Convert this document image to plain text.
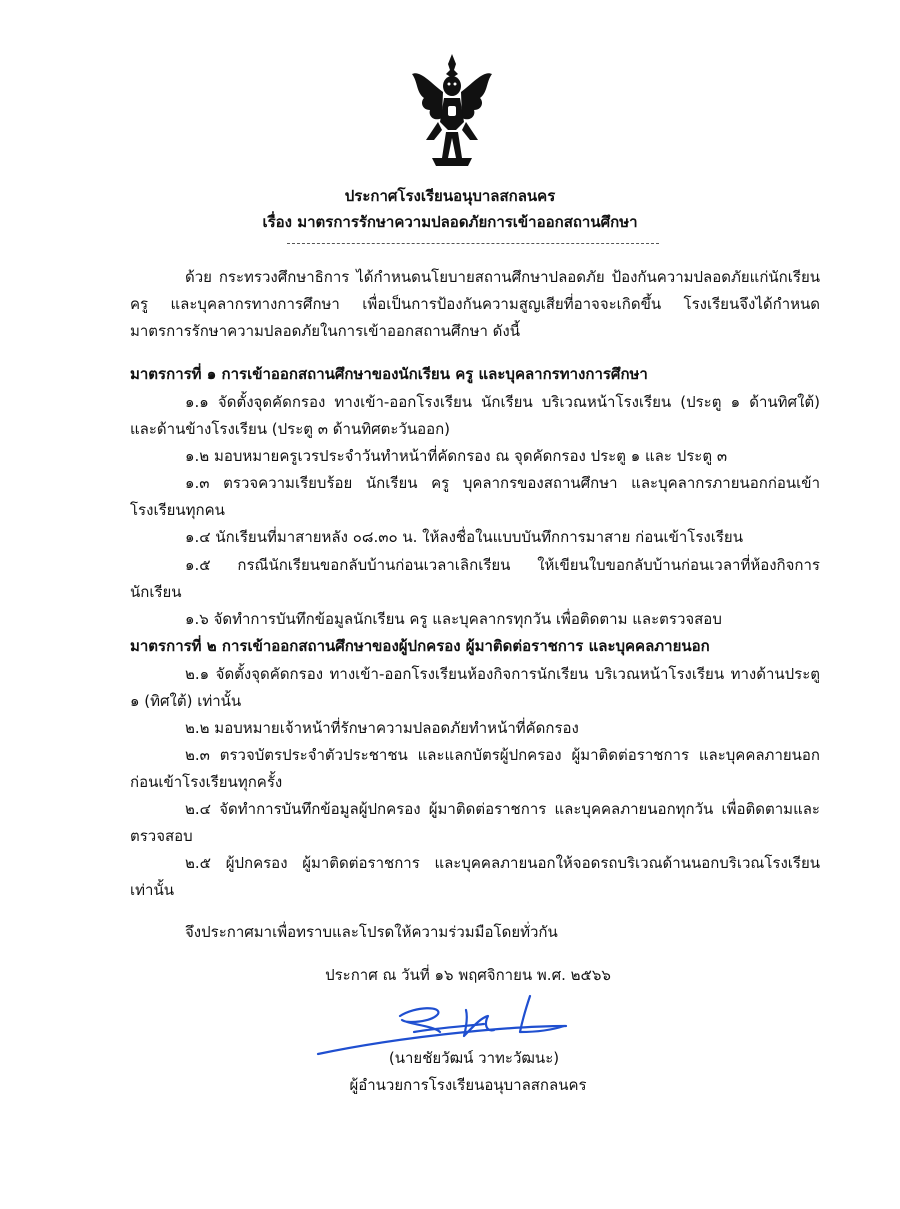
ประกาศโรงเรียนอนุบาลสกลนคร
เรื่อง มาตรการรักษาความปลอดภัยการเข้าออกสถานศึกษา
ด้วย กระทรวงศึกษาธิการ ได้กำหนดนโยบายสถานศึกษาปลอดภัย ป้องกันความปลอดภัยแก่นักเรียน ครู และบุคลากรทางการศึกษา เพื่อเป็นการป้องกันความสูญเสียที่อาจจะเกิดขึ้น โรงเรียนจึงได้กำหนดมาตรการรักษาความปลอดภัยในการเข้าออกสถานศึกษา ดังนี้
มาตรการที่ ๑ การเข้าออกสถานศึกษาของนักเรียน ครู และบุคลากรทางการศึกษา
๑.๑ จัดตั้งจุดคัดกรอง ทางเข้า-ออกโรงเรียน นักเรียน บริเวณหน้าโรงเรียน (ประตู ๑ ด้านทิศใต้) และด้านข้างโรงเรียน (ประตู ๓ ด้านทิศตะวันออก)
๑.๒ มอบหมายครูเวรประจำวันทำหน้าที่คัดกรอง ณ จุดคัดกรอง ประตู ๑ และ ประตู ๓
๑.๓ ตรวจความเรียบร้อย นักเรียน ครู บุคลากรของสถานศึกษา และบุคลากรภายนอกก่อนเข้าโรงเรียนทุกคน
๑.๔ นักเรียนที่มาสายหลัง ๐๘.๓๐ น. ให้ลงชื่อในแบบบันทึกการมาสาย ก่อนเข้าโรงเรียน
๑.๕ กรณีนักเรียนขอกลับบ้านก่อนเวลาเลิกเรียน ให้เขียนใบขอกลับบ้านก่อนเวลาที่ห้องกิจการนักเรียน
๑.๖ จัดทำการบันทึกข้อมูลนักเรียน ครู และบุคลากรทุกวัน เพื่อติดตาม และตรวจสอบ
มาตรการที่ ๒ การเข้าออกสถานศึกษาของผู้ปกครอง ผู้มาติดต่อราชการ และบุคคลภายนอก
๒.๑ จัดตั้งจุดคัดกรอง ทางเข้า-ออกโรงเรียนห้องกิจการนักเรียน บริเวณหน้าโรงเรียน ทางด้านประตู ๑ (ทิศใต้) เท่านั้น
๒.๒ มอบหมายเจ้าหน้าที่รักษาความปลอดภัยทำหน้าที่คัดกรอง
๒.๓ ตรวจบัตรประจำตัวประชาชน และแลกบัตรผู้ปกครอง ผู้มาติดต่อราชการ และบุคคลภายนอกก่อนเข้าโรงเรียนทุกครั้ง
๒.๔ จัดทำการบันทึกข้อมูลผู้ปกครอง ผู้มาติดต่อราชการ และบุคคลภายนอกทุกวัน เพื่อติดตามและตรวจสอบ
๒.๕ ผู้ปกครอง ผู้มาติดต่อราชการ และบุคคลภายนอกให้จอดรถบริเวณด้านนอกบริเวณโรงเรียนเท่านั้น
จึงประกาศมาเพื่อทราบและโปรดให้ความร่วมมือโดยทั่วกัน
ประกาศ ณ วันที่ ๑๖ พฤศจิกายน พ.ศ. ๒๕๖๖
(นายชัยวัฒน์ วาทะวัฒนะ)
ผู้อำนวยการโรงเรียนอนุบาลสกลนคร
